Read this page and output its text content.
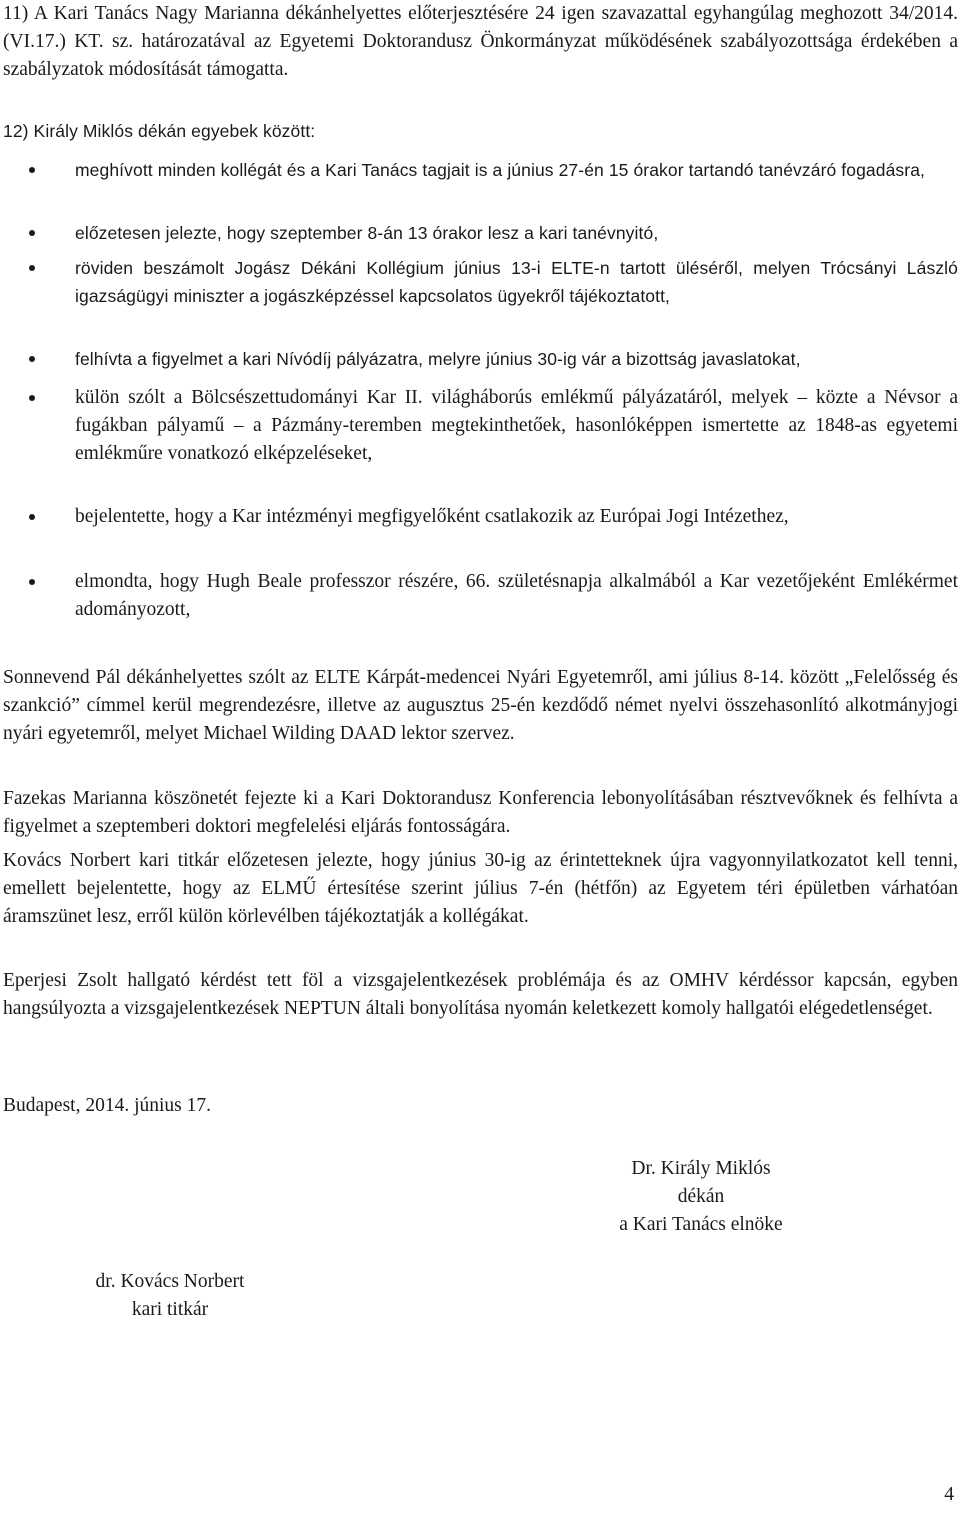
11) A Kari Tanács Nagy Marianna dékánhelyettes előterjesztésére 24 igen szavazattal egyhangúlag meghozott 34/2014. (VI.17.) KT. sz. határozatával az Egyetemi Doktorandusz Önkormányzat működésének szabályozottsága érdekében a szabályzatok módosítását támogatta.
12) Király Miklós dékán egyebek között:
meghívott minden kollégát és a Kari Tanács tagjait is a június 27-én 15 órakor tartandó tanévzáró fogadásra,
előzetesen jelezte, hogy szeptember 8-án 13 órakor lesz a kari tanévnyitó,
röviden beszámolt Jogász Dékáni Kollégium június 13-i ELTE-n tartott üléséről, melyen Trócsányi László igazságügyi miniszter a jogászképzéssel kapcsolatos ügyekről tájékoztatott,
felhívta a figyelmet a kari Nívódíj pályázatra, melyre június 30-ig vár a bizottság javaslatokat,
külön szólt a Bölcsészettudományi Kar II. világháborús emlékmű pályázatáról, melyek – közte a Névsor a fugákban pályamű – a Pázmány-teremben megtekinthetőek, hasonlóképpen ismertette az 1848-as egyetemi emlékműre vonatkozó elképzeléseket,
bejelentette, hogy a Kar intézményi megfigyelőként csatlakozik az Európai Jogi Intézethez,
elmondta, hogy Hugh Beale professzor részére, 66. születésnapja alkalmából a Kar vezetőjeként Emlékérmet adományozott,
Sonnevend Pál dékánhelyettes szólt az ELTE Kárpát-medencei Nyári Egyetemről, ami július 8-14. között „Felelősség és szankció” címmel kerül megrendezésre, illetve az augusztus 25-én kezdődő német nyelvi összehasonlító alkotmányjogi nyári egyetemről, melyet Michael Wilding DAAD lektor szervez.
Fazekas Marianna köszönetét fejezte ki a Kari Doktorandusz Konferencia lebonyolításában résztvevőknek és felhívta a figyelmet a szeptemberi doktori megfelelési eljárás fontosságára.
Kovács Norbert kari titkár előzetesen jelezte, hogy június 30-ig az érintetteknek újra vagyonnyilatkozatot kell tenni, emellett bejelentette, hogy az ELMŰ értesítése szerint július 7-én (hétfőn) az Egyetem téri épületben várhatóan áramszünet lesz, erről külön körlevélben tájékoztatják a kollégákat.
Eperjesi Zsolt hallgató kérdést tett föl a vizsgajelentkezések problémája és az OMHV kérdéssor kapcsán, egyben hangsúlyozta a vizsgajelentkezések NEPTUN általi bonyolítása nyomán keletkezett komoly hallgatói elégedetlenséget.
Budapest, 2014. június 17.
Dr. Király Miklós
dékán
a Kari Tanács elnöke
dr. Kovács Norbert
kari titkár
4
